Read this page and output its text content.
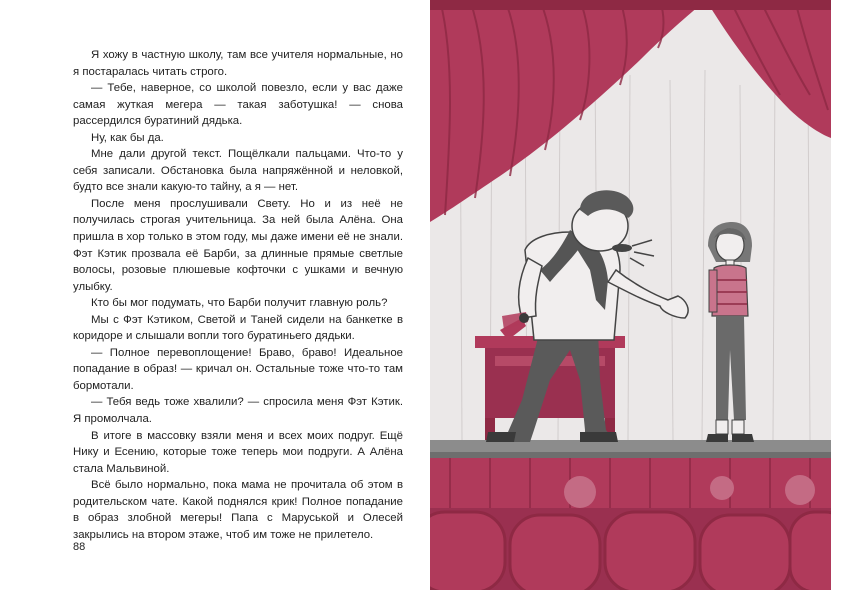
Я хожу в частную школу, там все учителя нормальные, но я постаралась читать строго.

— Тебе, наверное, со школой повезло, если у вас даже самая жуткая мегера — такая заботушка! — снова рассердился буратиний дядька.

Ну, как бы да.

Мне дали другой текст. Пощёлкали пальцами. Что-то у себя записали. Обстановка была напряжённой и неловкой, будто все знали какую-то тайну, а я — нет.

После меня прослушивали Свету. Но и из неё не получилась строгая учительница. За ней была Алёна. Она пришла в хор только в этом году, мы даже имени её не знали. Фэт Кэтик прозвала её Барби, за длинные прямые светлые волосы, розовые плюшевые кофточки с ушками и вечную улыбку.

Кто бы мог подумать, что Барби получит главную роль?

Мы с Фэт Кэтиком, Светой и Таней сидели на банкетке в коридоре и слышали вопли того буратиньего дядьки.

— Полное перевоплощение! Браво, браво! Идеальное попадание в образ! — кричал он. Остальные тоже что-то там бормотали.

— Тебя ведь тоже хвалили? — спросила меня Фэт Кэтик. Я промолчала.

В итоге в массовку взяли меня и всех моих подруг. Ещё Нику и Есению, которые тоже теперь мои подруги. А Алёна стала Мальвиной.

Всё было нормально, пока мама не прочитала об этом в родительском чате. Какой поднялся крик! Полное попадание в образ злобной мегеры! Папа с Маруськой и Олесей закрылись на втором этаже, чтоб им тоже не прилетело.

88
